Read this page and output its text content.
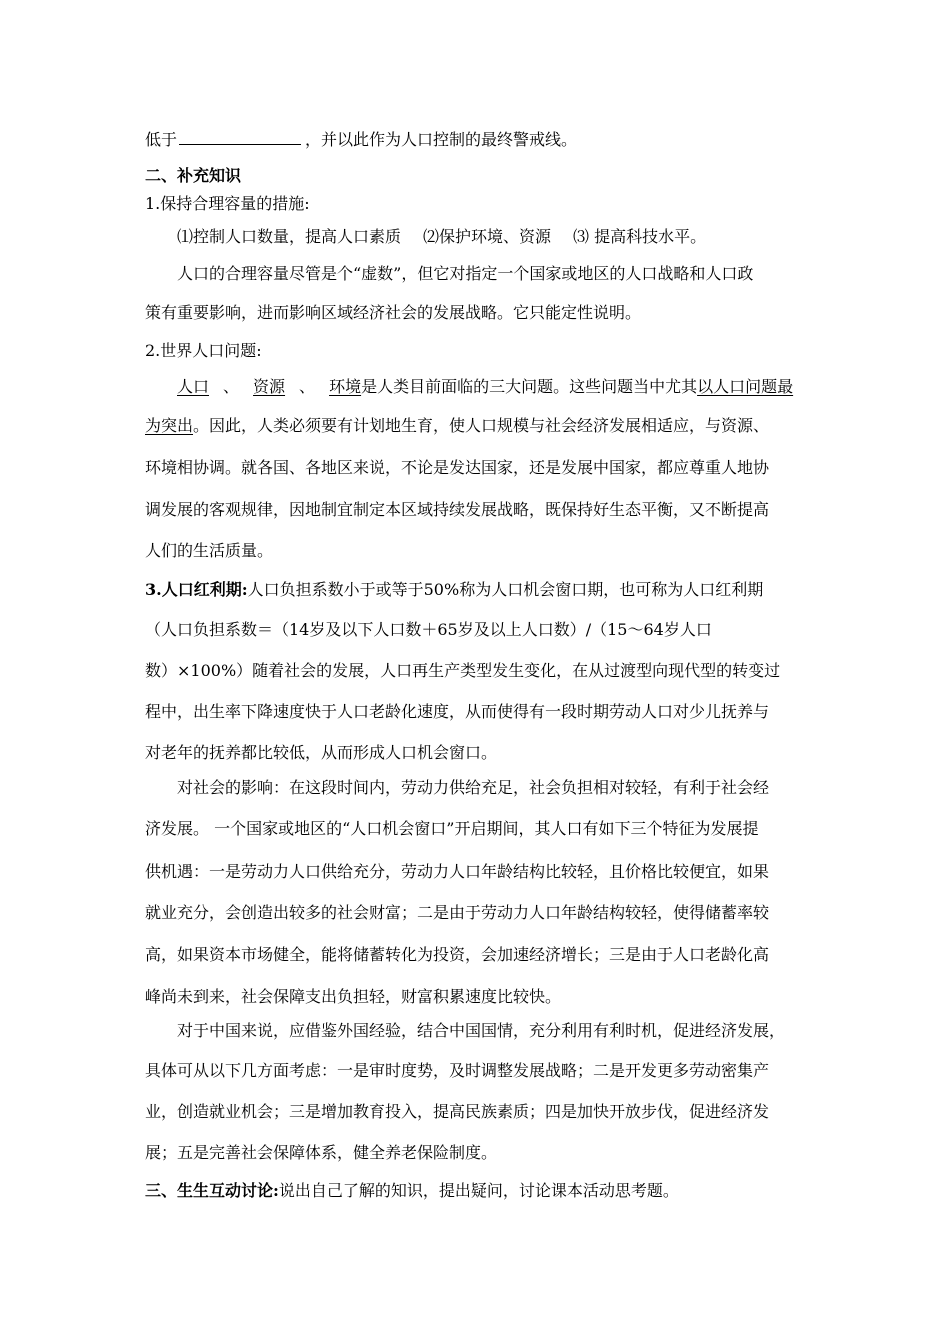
低于	，并以此作为人口控制的最终警戒线。
二、补充知识
1.保持合理容量的措施:
⑴控制人口数量，提高人口素质 ⑵保护环境、资源 ⑶ 提高科技水平。
人口的合理容量尽管是个“虚数”，但它对指定一个国家或地区的人口战略和人口政
策有重要影响，进而影响区域经济社会的发展战略。它只能定性说明。
2.世界人口问题:
人口 、 资源 、 环境是人类目前面临的三大问题。这些问题当中尤其以人口问题最
为突出。因此，人类必须要有计划地生育，使人口规模与社会经济发展相适应，与资源、
环境相协调。就各国、各地区来说，不论是发达国家，还是发展中国家，都应尊重人地协
调发展的客观规律，因地制宜制定本区域持续发展战略，既保持好生态平衡，又不断提高
人们的生活质量。
3.人口红利期:人口负担系数小于或等于50%称为人口机会窗口期，也可称为人口红利期
（人口负担系数＝（14岁及以下人口数＋65岁及以上人口数）/（15～64岁人口
数）×100%）随着社会的发展，人口再生产类型发生变化，在从过渡型向现代型的转变过
程中，出生率下降速度快于人口老龄化速度，从而使得有一段时期劳动人口对少儿抚养与
对老年的抚养都比较低，从而形成人口机会窗口。
对社会的影响：在这段时间内，劳动力供给充足，社会负担相对较轻，有利于社会经
济发展。 一个国家或地区的“人口机会窗口”开启期间，其人口有如下三个特征为发展提
供机遇：一是劳动力人口供给充分，劳动力人口年龄结构比较轻，且价格比较便宜，如果
就业充分，会创造出较多的社会财富；二是由于劳动力人口年龄结构较轻，使得储蓄率较
高，如果资本市场健全，能将储蓄转化为投资，会加速经济增长；三是由于人口老龄化高
峰尚未到来，社会保障支出负担轻，财富积累速度比较快。
对于中国来说，应借鉴外国经验，结合中国国情，充分利用有利时机，促进经济发展，
具体可从以下几方面考虑：一是审时度势，及时调整发展战略；二是开发更多劳动密集产
业，创造就业机会；三是增加教育投入，提高民族素质；四是加快开放步伐，促进经济发
展；五是完善社会保障体系，健全养老保险制度。
三、生生互动讨论:说出自己了解的知识，提出疑问，讨论课本活动思考题。
